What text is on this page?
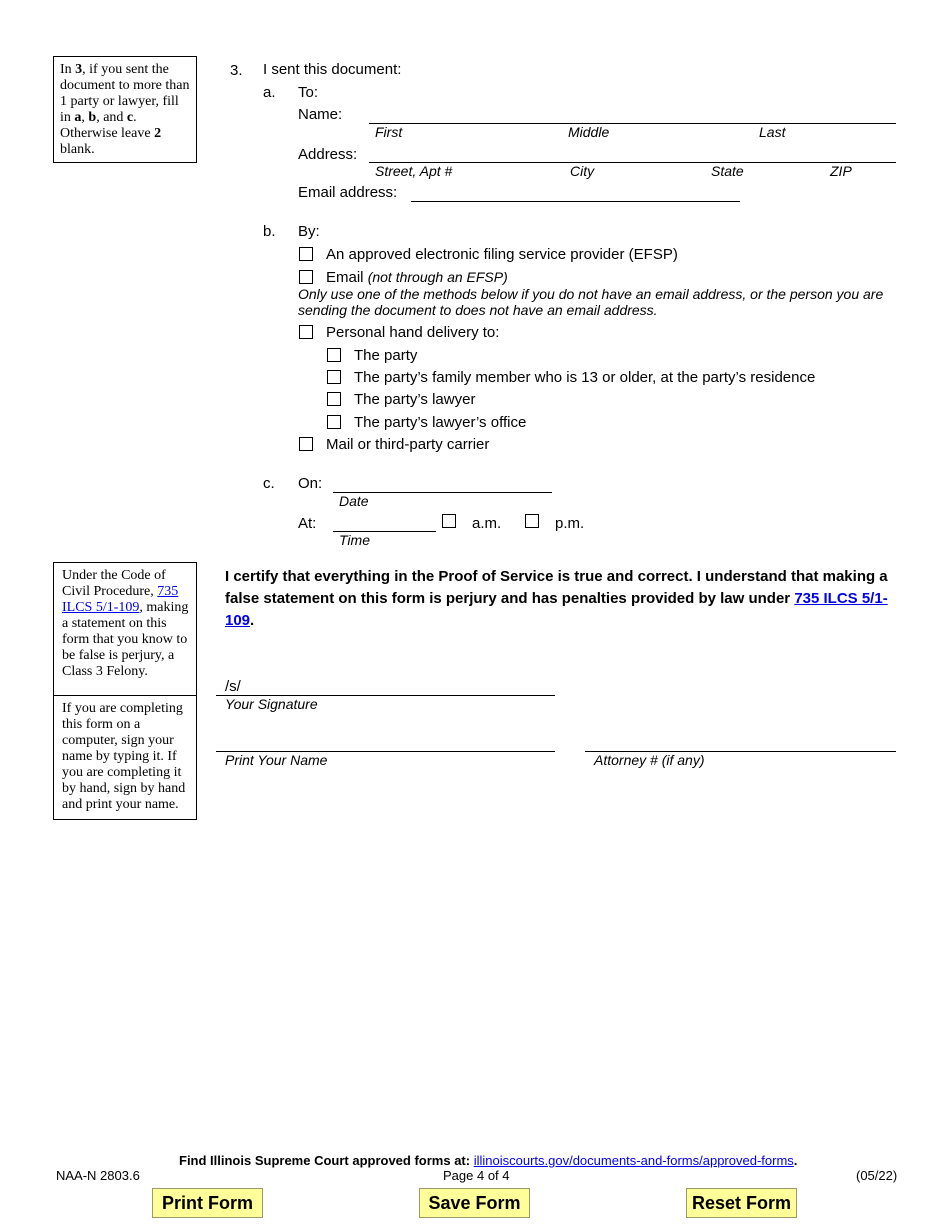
In 3, if you sent the document to more than 1 party or lawyer, fill in a, b, and c. Otherwise leave 2 blank.
3. I sent this document:
a. To:
Name:
First	Middle	Last
Address:
Street, Apt #	City	State	ZIP
Email address:
b. By:
An approved electronic filing service provider (EFSP)
Email (not through an EFSP)
Only use one of the methods below if you do not have an email address, or the person you are
sending the document to does not have an email address.
Personal hand delivery to:
The party
The party’s family member who is 13 or older, at the party’s residence
The party’s lawyer
The party’s lawyer’s office
Mail or third-party carrier
c. On:
Date
At:
Time
a.m.	p.m.
Under the Code of Civil Procedure, 735 ILCS 5/1-109, making a statement on this form that you know to be false is perjury, a Class 3 Felony.
If you are completing this form on a computer, sign your name by typing it. If you are completing it by hand, sign by hand and print your name.
I certify that everything in the Proof of Service is true and correct. I understand that making a false statement on this form is perjury and has penalties provided by law under 735 ILCS 5/1-109.
/s/
Your Signature
Print Your Name	Attorney # (if any)
Find Illinois Supreme Court approved forms at: illinoiscourts.gov/documents-and-forms/approved-forms.
NAA-N 2803.6	Page 4 of 4	(05/22)
Print Form	Save Form	Reset Form
